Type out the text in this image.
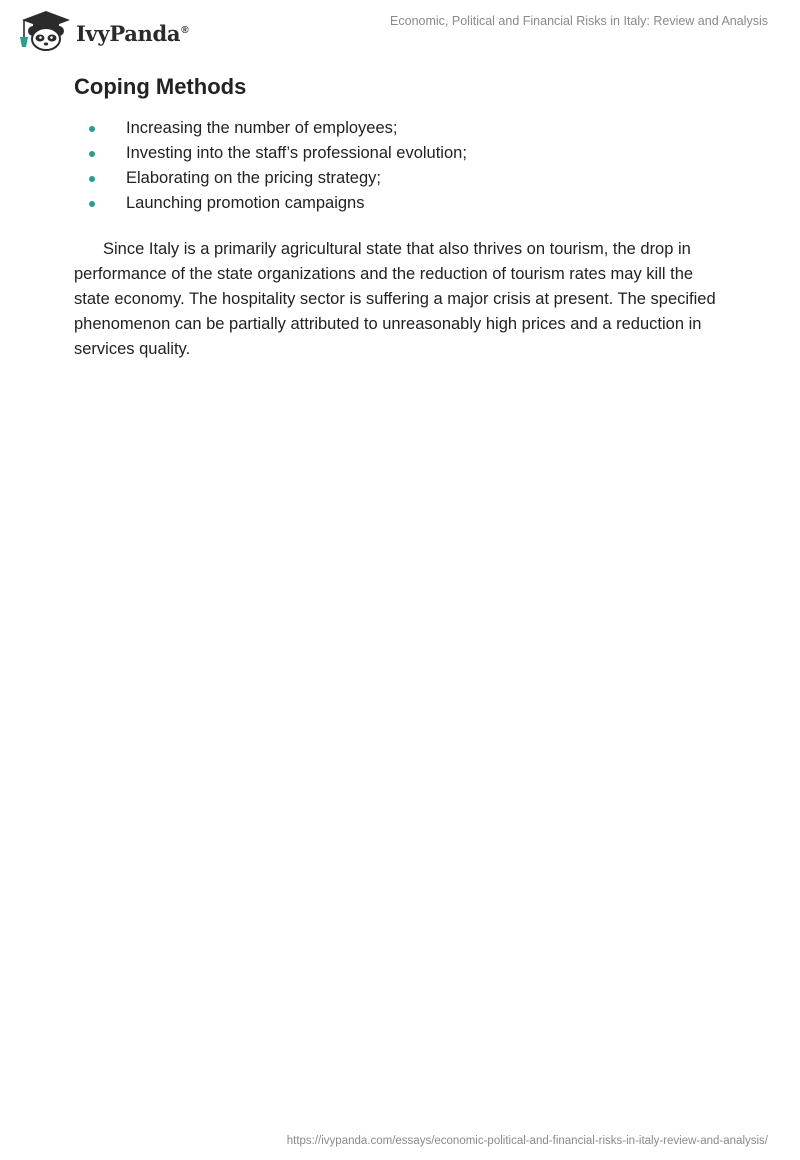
IvyPanda®
Economic, Political and Financial Risks in Italy: Review and Analysis
Coping Methods
Increasing the number of employees;
Investing into the staff’s professional evolution;
Elaborating on the pricing strategy;
Launching promotion campaigns

Since Italy is a primarily agricultural state that also thrives on tourism, the drop in performance of the state organizations and the reduction of tourism rates may kill the state economy. The hospitality sector is suffering a major crisis at present. The specified phenomenon can be partially attributed to unreasonably high prices and a reduction in services quality.

https://ivypanda.com/essays/economic-political-and-financial-risks-in-italy-review-and-analysis/
